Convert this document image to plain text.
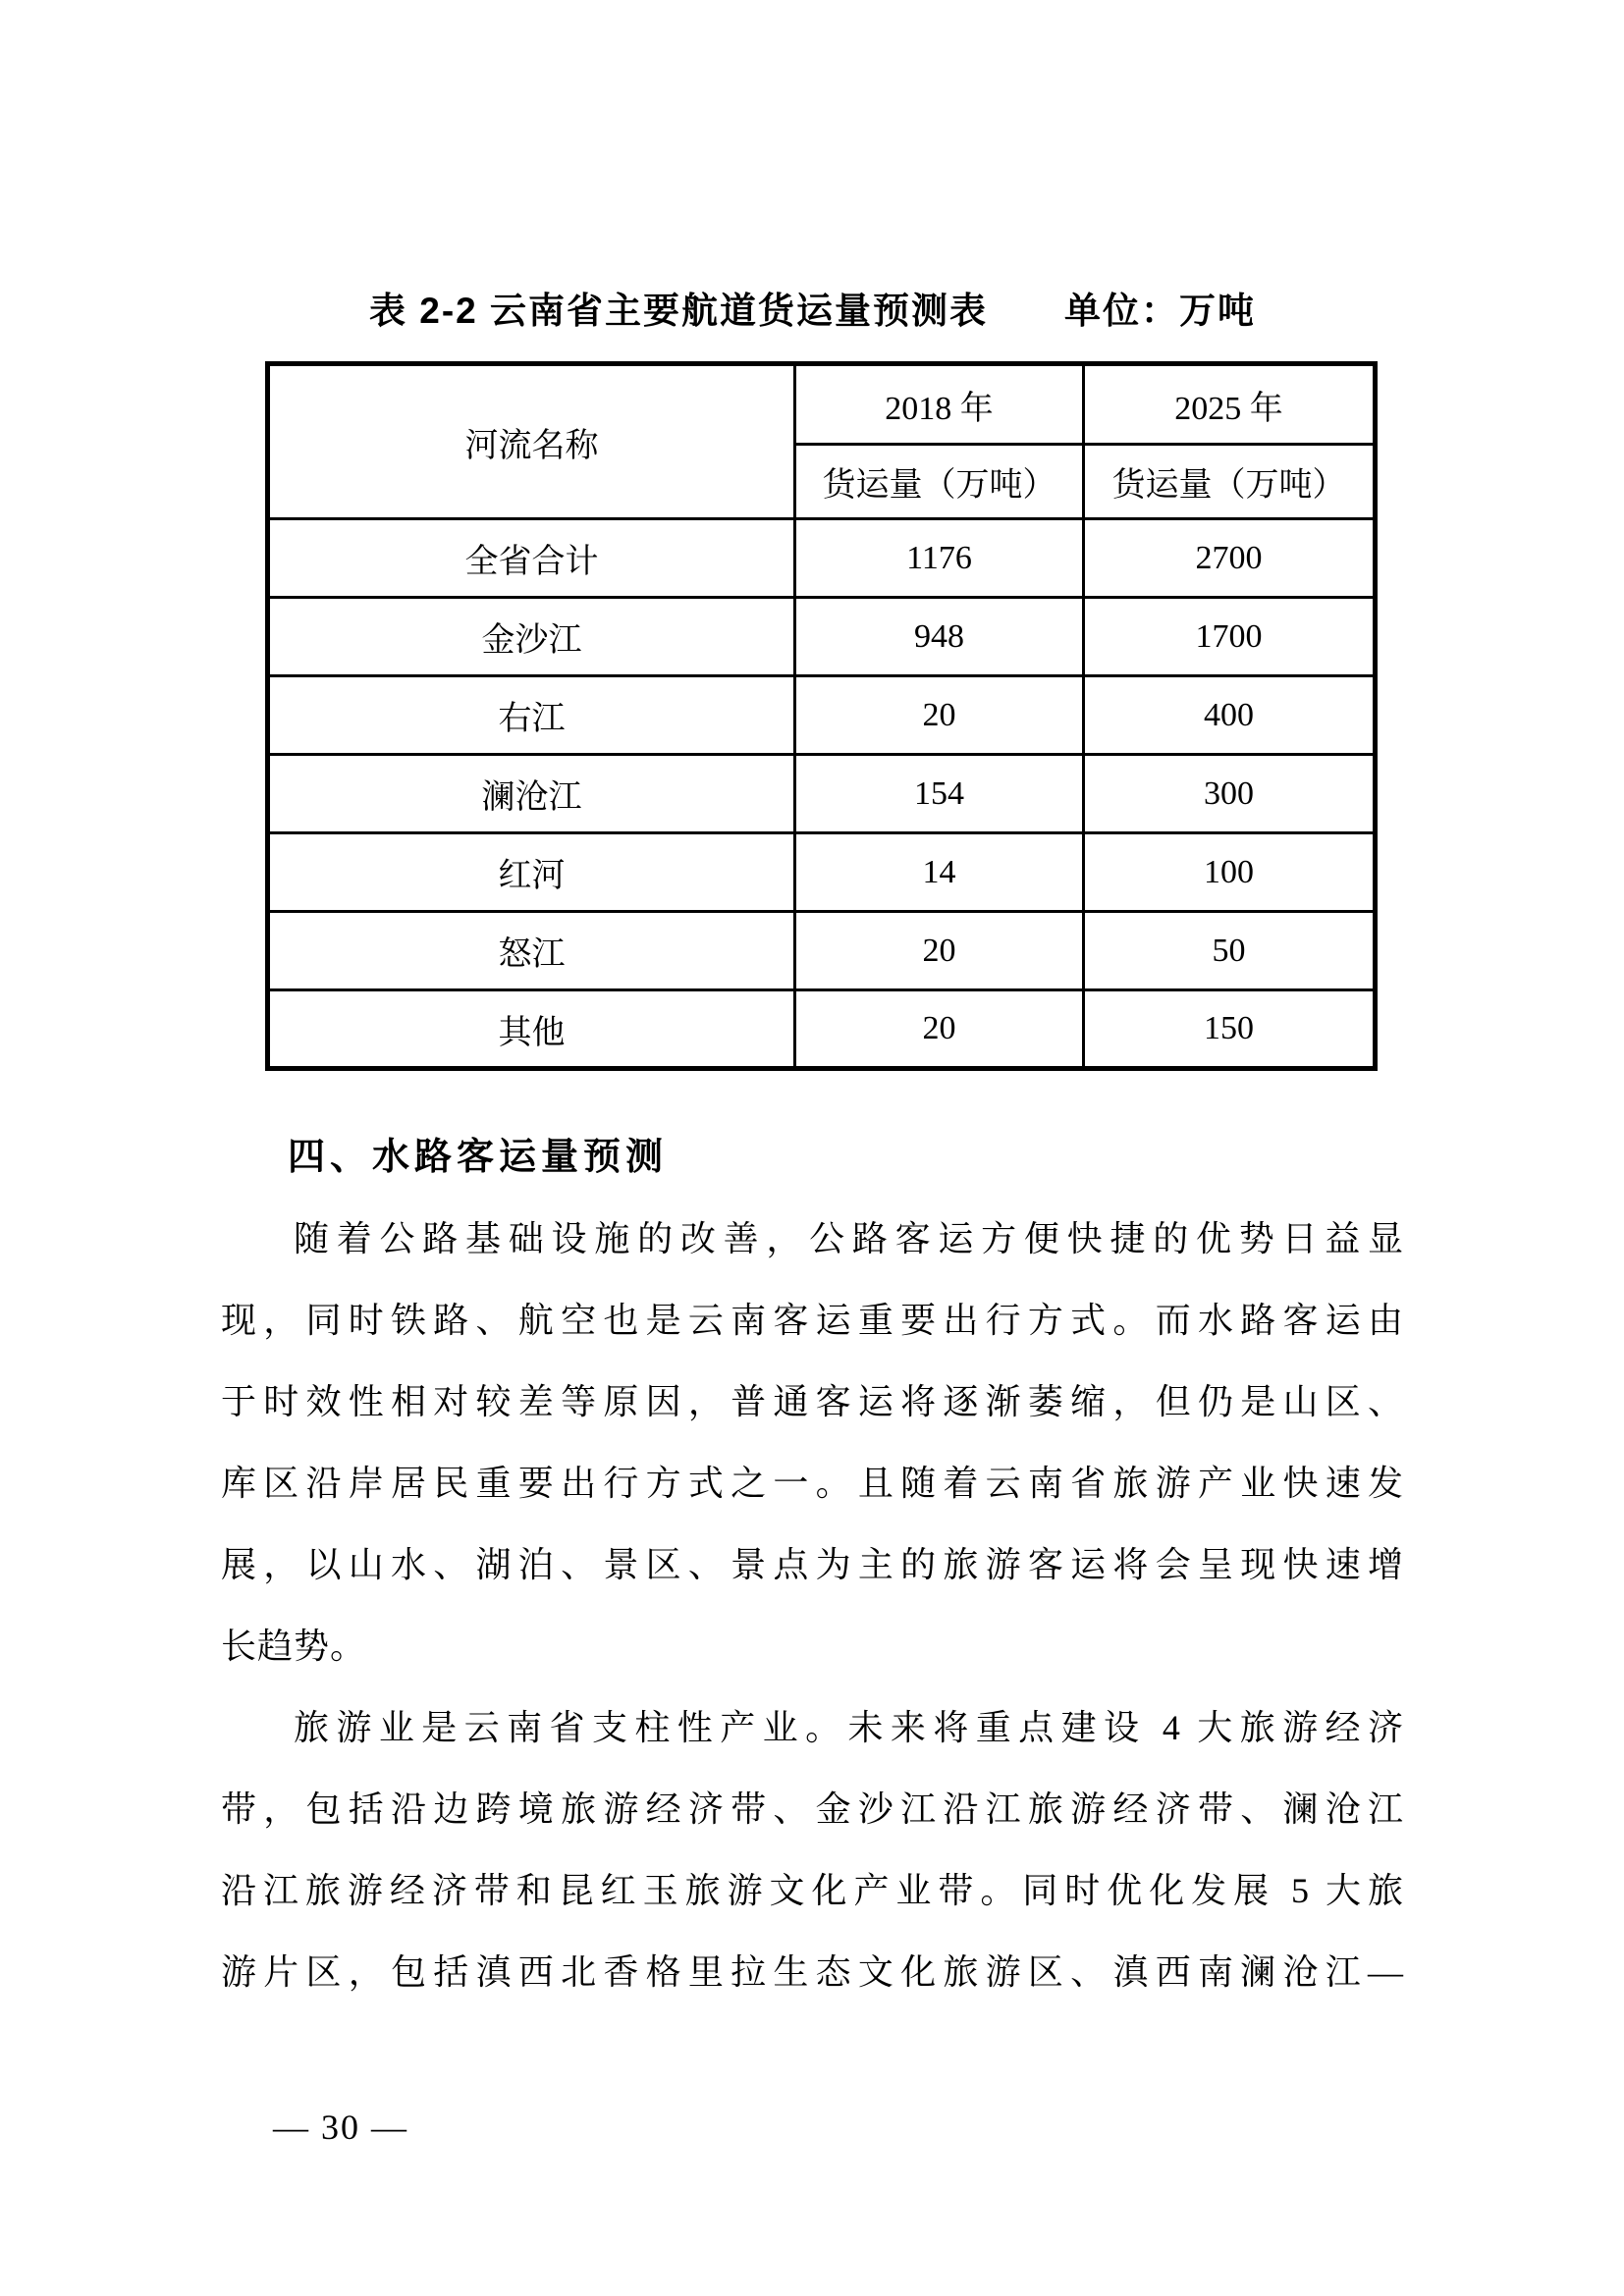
表 2-2 云南省主要航道货运量预测表 单位：万吨
河流名称	2018 年	2025 年
	货运量（万吨）	货运量（万吨）
全省合计	1176	2700
金沙江	948	1700
右江	20	400
澜沧江	154	300
红河	14	100
怒江	20	50
其他	20	150
四、水路客运量预测
随着公路基础设施的改善，公路客运方便快捷的优势日益显
现，同时铁路、航空也是云南客运重要出行方式。而水路客运由
于时效性相对较差等原因，普通客运将逐渐萎缩，但仍是山区、
库区沿岸居民重要出行方式之一。且随着云南省旅游产业快速发
展，以山水、湖泊、景区、景点为主的旅游客运将会呈现快速增
长趋势。
旅游业是云南省支柱性产业。未来将重点建设 4 大旅游经济
带，包括沿边跨境旅游经济带、金沙江沿江旅游经济带、澜沧江
沿江旅游经济带和昆红玉旅游文化产业带。同时优化发展 5 大旅
游片区，包括滇西北香格里拉生态文化旅游区、滇西南澜沧江—
— 30 —
